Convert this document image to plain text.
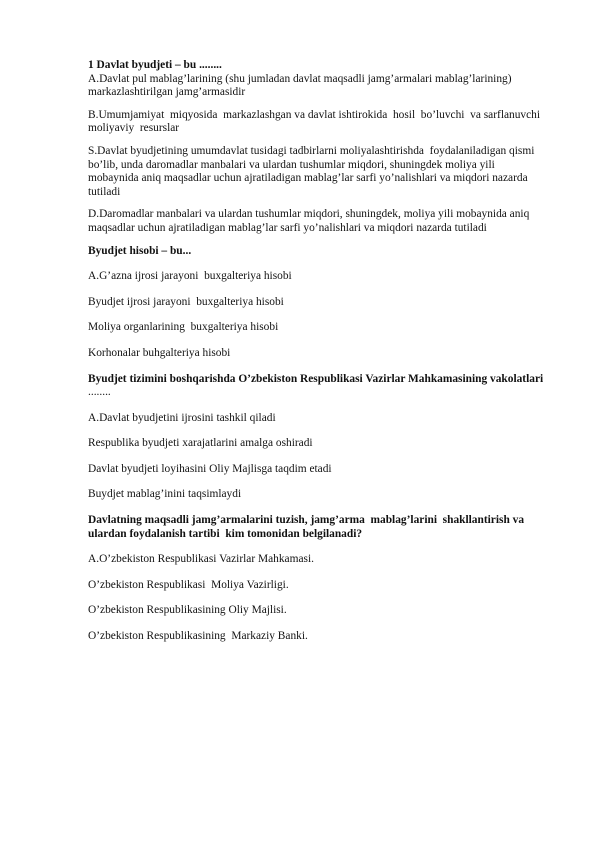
1 Davlat byudjeti – bu ........

A.Davlat pul mablag’larining (shu jumladan davlat maqsadli jamg’armalari mablag’larining) markazlashtirilgan jamg’armasidir

B.Umumjamiyat  miqyosida  markazlashgan va davlat ishtirokida  hosil  bo’luvchi  va sarflanuvchi moliyaviy  resurslar

S.Davlat byudjetining umumdavlat tusidagi tadbirlarni moliyalashtirishda  foydalaniladigan qismi bo’lib, unda daromadlar manbalari va ulardan tushumlar miqdori, shuningdek moliya yili mobaynida aniq maqsadlar uchun ajratiladigan mablag’lar sarfi yo’nalishlari va miqdori nazarda tutiladi

D.Daromadlar manbalari va ulardan tushumlar miqdori, shuningdek, moliya yili mobaynida aniq maqsadlar uchun ajratiladigan mablag’lar sarfi yo’nalishlari va miqdori nazarda tutiladi

Byudjet hisobi – bu...

A.G’azna ijrosi jarayoni  buxgalteriya hisobi

Byudjet ijrosi jarayoni  buxgalteriya hisobi

Moliya organlarining  buxgalteriya hisobi

Korhonalar buhgalteriya hisobi

Byudjet tizimini boshqarishda O’zbekiston Respublikasi Vazirlar Mahkamasining vakolatlari ........

A.Davlat byudjetini ijrosini tashkil qiladi

Respublika byudjeti xarajatlarini amalga oshiradi

Davlat byudjeti loyihasini Oliy Majlisga taqdim etadi

Buydjet mablag’inini taqsimlaydi

Davlatning maqsadli jamg’armalarini tuzish, jamg’arma  mablag’larini  shakllantirish va ulardan foydalanish tartibi  kim tomonidan belgilanadi?

A.O’zbekiston Respublikasi Vazirlar Mahkamasi.

O’zbekiston Respublikasi  Moliya Vazirligi.

O’zbekiston Respublikasining Oliy Majlisi.

O’zbekiston Respublikasining  Markaziy Banki.
